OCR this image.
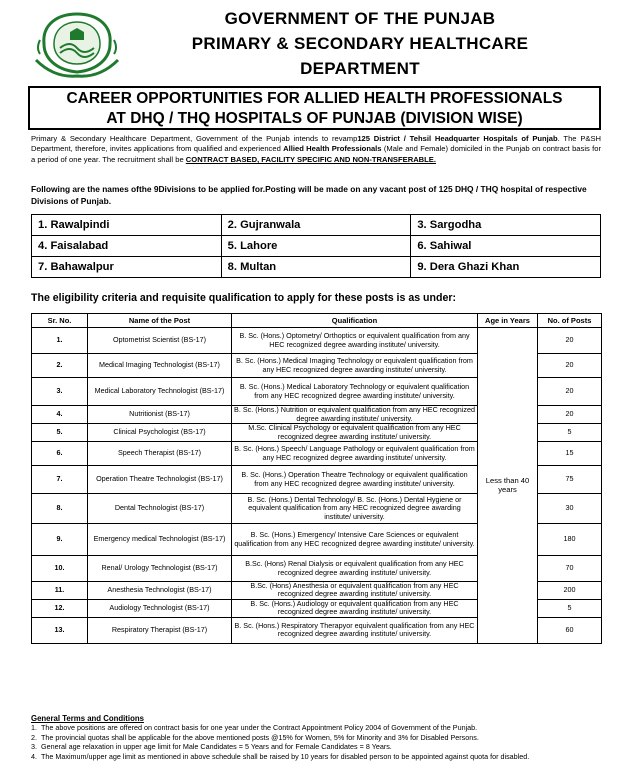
GOVERNMENT OF THE PUNJAB
PRIMARY & SECONDARY HEALTHCARE
DEPARTMENT
CAREER OPPORTUNITIES FOR ALLIED HEALTH PROFESSIONALS
AT DHQ / THQ HOSPITALS OF PUNJAB (DIVISION WISE)
Primary & Secondary Healthcare Department, Government of the Punjab intends to revamp125 District / Tehsil Headquarter Hospitals of Punjab. The P&SH Department, therefore, invites applications from qualified and experienced Allied Health Professionals (Male and Female) domiciled in the Punjab on contract basis for a period of one year. The recruitment shall be CONTRACT BASED, FACILITY SPECIFIC AND NON-TRANSFERABLE.
Following are the names ofthe 9Divisions to be applied for.Posting will be made on any vacant post of 125 DHQ / THQ hospital of respective Divisions of Punjab.
1. Rawalpindi	2. Gujranwala	3. Sargodha
4. Faisalabad	5. Lahore	6. Sahiwal
7. Bahawalpur	8. Multan	9. Dera Ghazi Khan
The eligibility criteria and requisite qualification to apply for these posts is as under:
Sr. No.	Name of the Post	Qualification	Age in Years	No. of Posts
1.	Optometrist Scientist (BS-17)	B. Sc. (Hons.) Optometry/ Orthoptics or equivalent qualification from any HEC recognized degree awarding institute/ university.	Less than 40 years	20
2.	Medical Imaging Technologist (BS-17)	B. Sc. (Hons.) Medical Imaging Technology or equivalent qualification from any HEC recognized degree awarding institute/ university.		20
3.	Medical Laboratory Technologist (BS-17)	B. Sc. (Hons.) Medical Laboratory Technology or equivalent qualification from any HEC recognized degree awarding institute/ university.		20
4.	Nutritionist (BS-17)	B. Sc. (Hons.) Nutrition or equivalent qualification from any HEC recognized degree awarding institute/ university.		20
5.	Clinical Psychologist (BS-17)	M.Sc. Clinical Psychology or equivalent qualification from any HEC recognized degree awarding institute/ university.		5
6.	Speech Therapist (BS-17)	B. Sc. (Hons.) Speech/ Language Pathology or equivalent qualification from any HEC recognized degree awarding institute/ university.		15
7.	Operation Theatre Technologist (BS-17)	B. Sc. (Hons.) Operation Theatre Technology or equivalent qualification from any HEC recognized degree awarding institute/ university.		75
8.	Dental Technologist (BS-17)	B. Sc. (Hons.) Dental Technology/ B. Sc. (Hons.) Dental Hygiene or equivalent qualification from any HEC recognized degree awarding institute/ university.		30
9.	Emergency medical Technologist (BS-17)	B. Sc. (Hons.) Emergency/ Intensive Care Sciences or equivalent qualification from any HEC recognized degree awarding institute/ university.		180
10.	Renal/ Urology Technologist (BS-17)	B.Sc. (Hons) Renal Dialysis or equivalent qualification from any HEC recognized degree awarding institute/ university.		70
11.	Anesthesia Technologist (BS-17)	B.Sc. (Hons) Anesthesia or equivalent qualification from any HEC recognized degree awarding institute/ university.		200
12.	Audiology Technologist (BS-17)	B. Sc. (Hons.) Audiology or equivalent qualification from any HEC recognized degree awarding institute/ university.		5
13.	Respiratory Therapist (BS-17)	B. Sc. (Hons.) Respiratory Therapyor equivalent qualification from any HEC recognized degree awarding institute/ university.		60
General Terms and Conditions
1. The above positions are offered on contract basis for one year under the Contract Appointment Policy 2004 of Government of the Punjab.
2. The provincial quotas shall be applicable for the above mentioned posts @15% for Women, 5% for Minority and 3% for Disabled Persons.
3. General age relaxation in upper age limit for Male Candidates = 5 Years and for Female Candidates = 8 Years.
4. The Maximum/upper age limit as mentioned in above schedule shall be raised by 10 years for disabled person to be appointed against quota for disabled.
